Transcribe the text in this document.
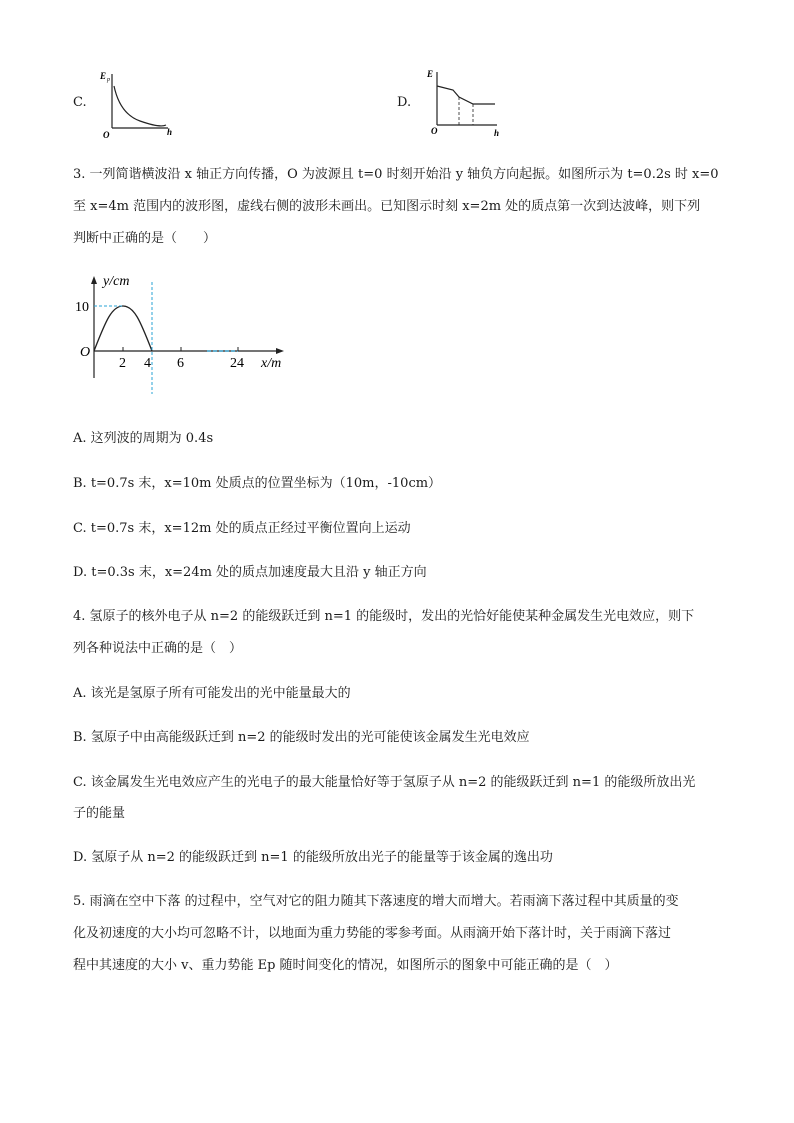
C.
E p
O	h
D.
E
O	h
3. 一列简谐横波沿 x 轴正方向传播，O 为波源且 t=0 时刻开始沿 y 轴负方向起振。如图所示为 t=0.2s 时 x=0
至 x=4m 范围内的波形图，虚线右侧的波形未画出。已知图示时刻 x=2m 处的质点第一次到达波峰，则下列
判断中正确的是（　　）
y/cm
10
O
2 4 6	24 x/m
A. 这列波的周期为 0.4s
B. t=0.7s 末，x=10m 处质点的位置坐标为（10m，-10cm）
C. t=0.7s 末，x=12m 处的质点正经过平衡位置向上运动
D. t=0.3s 末，x=24m 处的质点加速度最大且沿 y 轴正方向
4. 氢原子的核外电子从 n=2 的能级跃迁到 n=1 的能级时，发出的光恰好能使某种金属发生光电效应，则下
列各种说法中正确的是（　）
A. 该光是氢原子所有可能发出的光中能量最大的
B. 氢原子中由高能级跃迁到 n=2 的能级时发出的光可能使该金属发生光电效应
C. 该金属发生光电效应产生的光电子的最大能量恰好等于氢原子从 n=2 的能级跃迁到 n=1 的能级所放出光
子的能量
D. 氢原子从 n=2 的能级跃迁到 n=1 的能级所放出光子的能量等于该金属的逸出功
5. 雨滴在空中下落 的过程中，空气对它的阻力随其下落速度的增大而增大。若雨滴下落过程中其质量的变
化及初速度的大小均可忽略不计，以地面为重力势能的零参考面。从雨滴开始下落计时，关于雨滴下落过
程中其速度的大小 v、重力势能 Ep 随时间变化的情况，如图所示的图象中可能正确的是（　）
